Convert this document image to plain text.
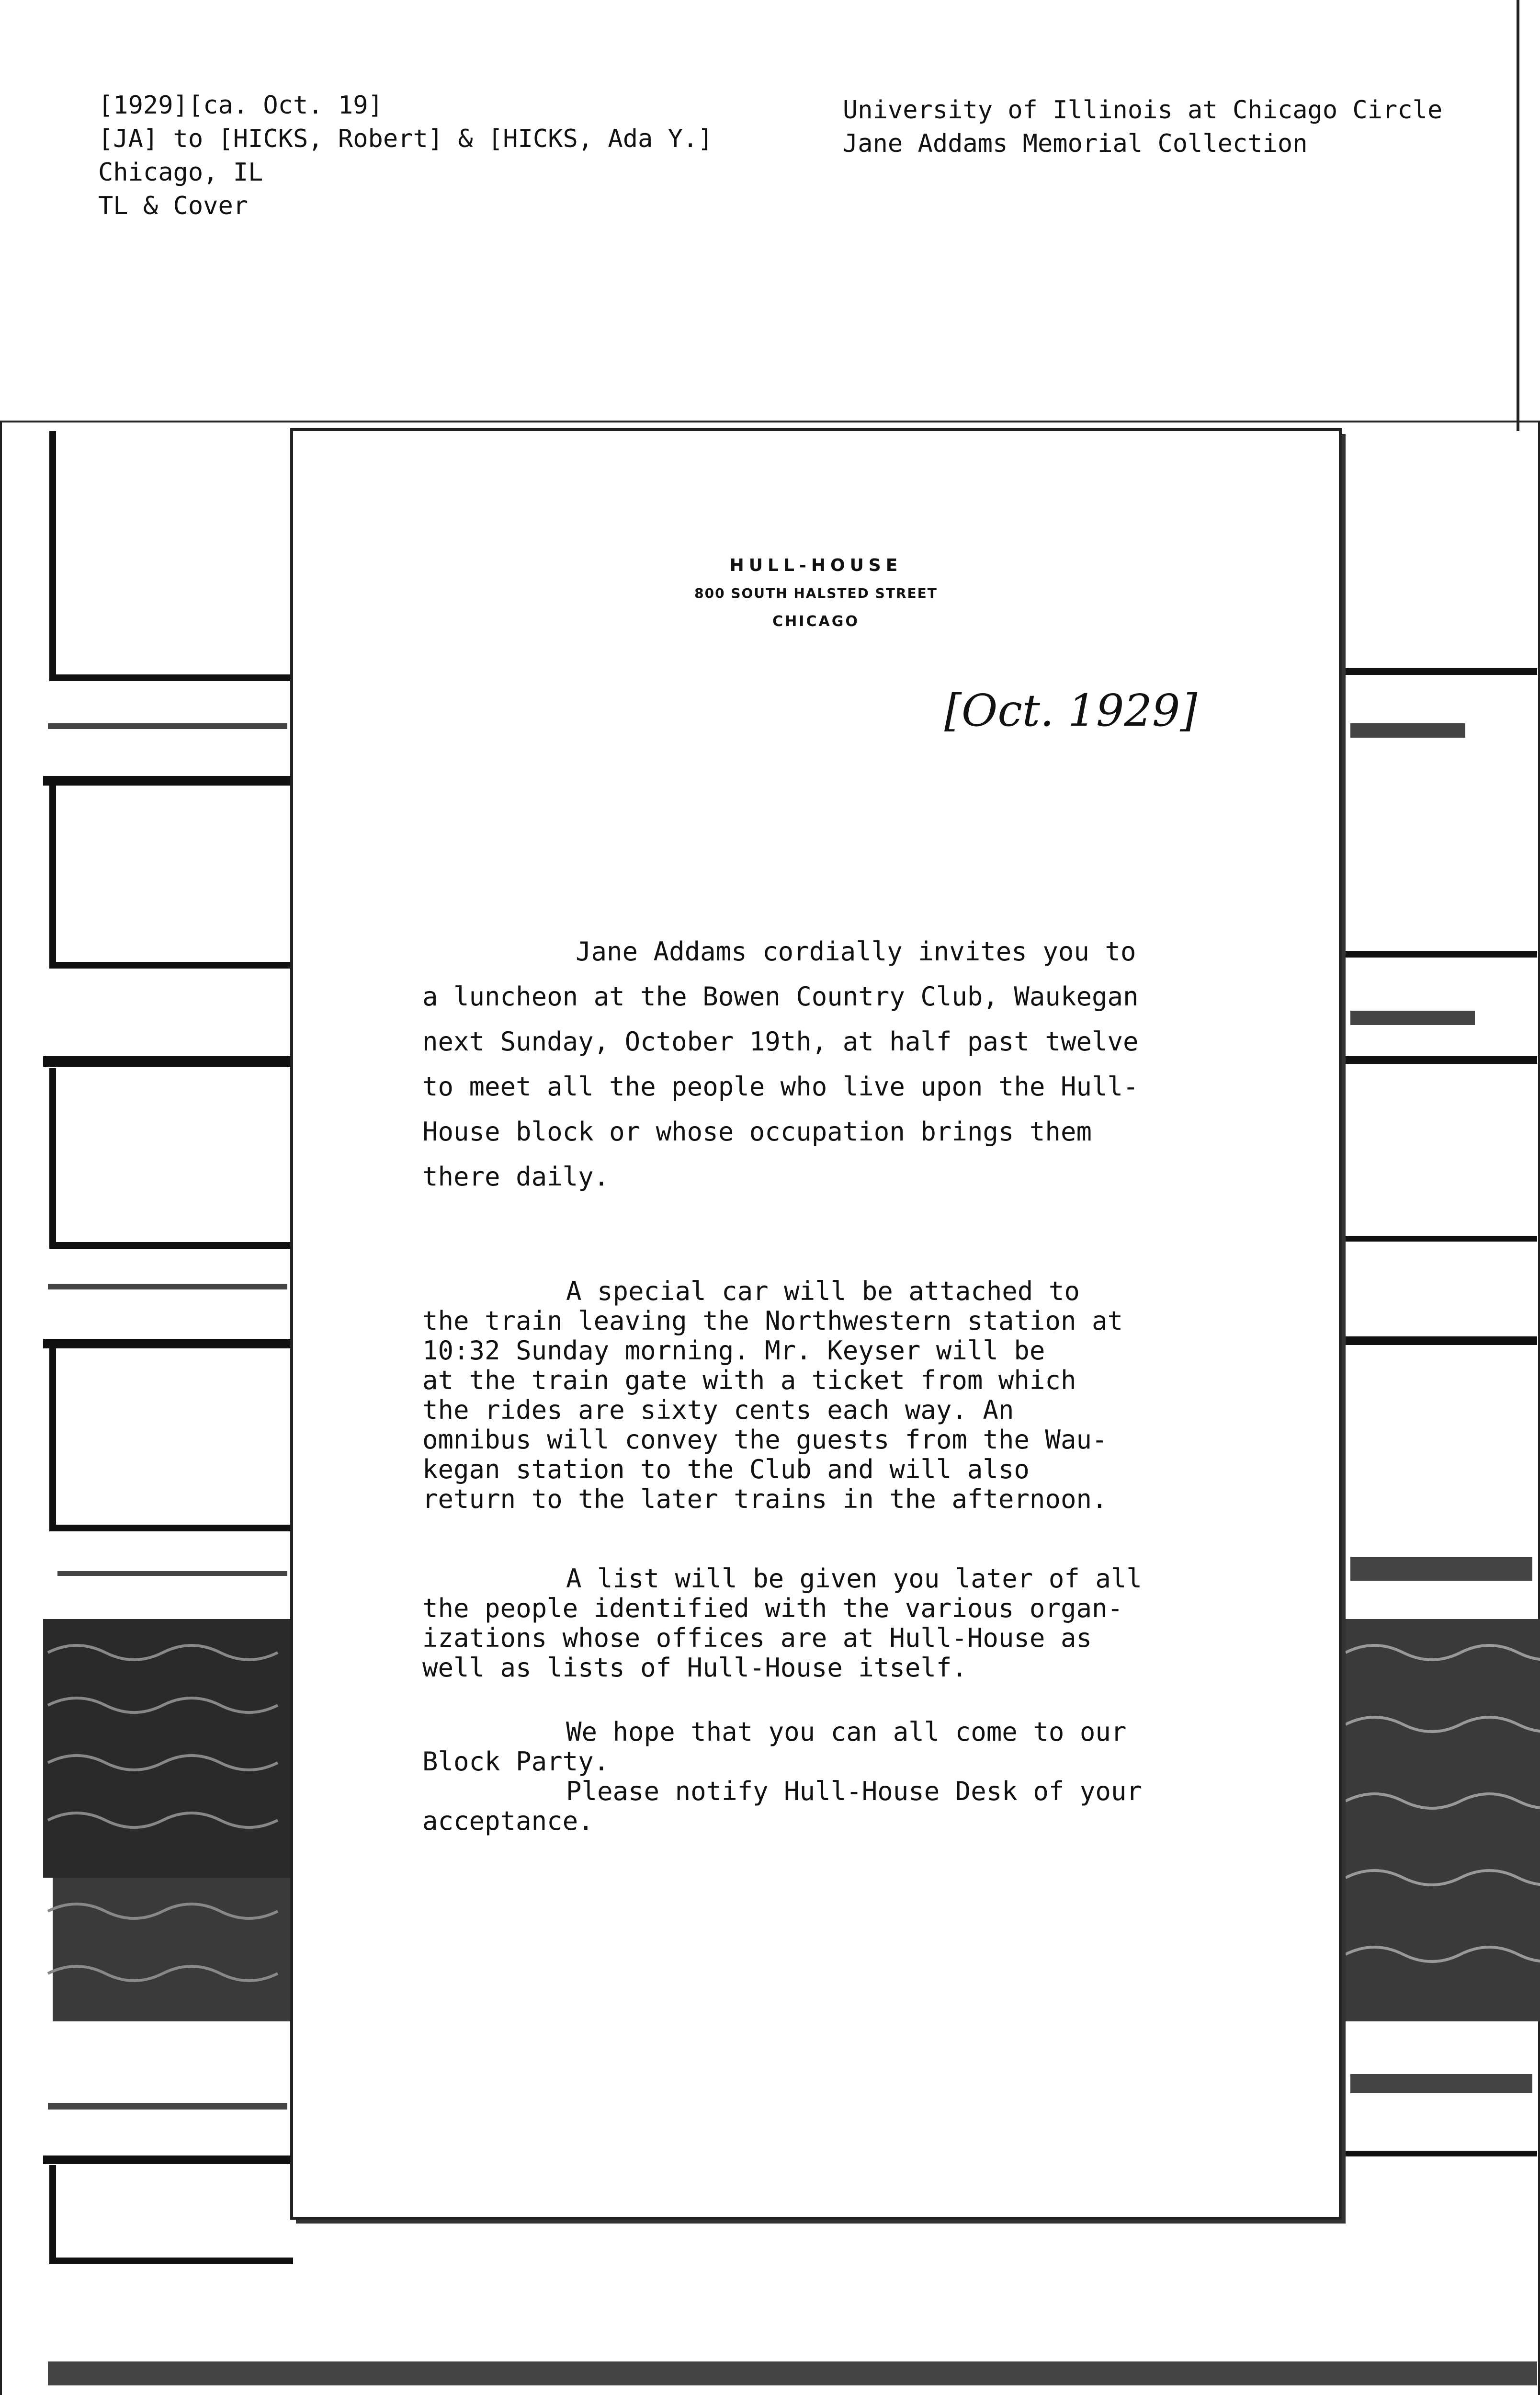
[1929][ca. Oct. 19]
[JA] to [HICKS, Robert] & [HICKS, Ada Y.]
Chicago, IL
TL & Cover
University of Illinois at Chicago Circle
Jane Addams Memorial Collection
HULL-HOUSE
800 SOUTH HALSTED STREET
CHICAGO
[Oct. 1929]
Jane Addams cordially invites you to
a luncheon at the Bowen Country Club, Waukegan
next Sunday, October 19th, at half past twelve
to meet all the people who live upon the Hull-
House block or whose occupation brings them
there daily.
A special car will be attached to
the train leaving the Northwestern station at
10:32 Sunday morning. Mr. Keyser will be
at the train gate with a ticket from which
the rides are sixty cents each way. An
omnibus will convey the guests from the Wau-
kegan station to the Club and will also
return to the later trains in the afternoon.
A list will be given you later of all
the people identified with the various organ-
izations whose offices are at Hull-House as
well as lists of Hull-House itself.
We hope that you can all come to our
Block Party.
Please notify Hull-House Desk of your
acceptance.
